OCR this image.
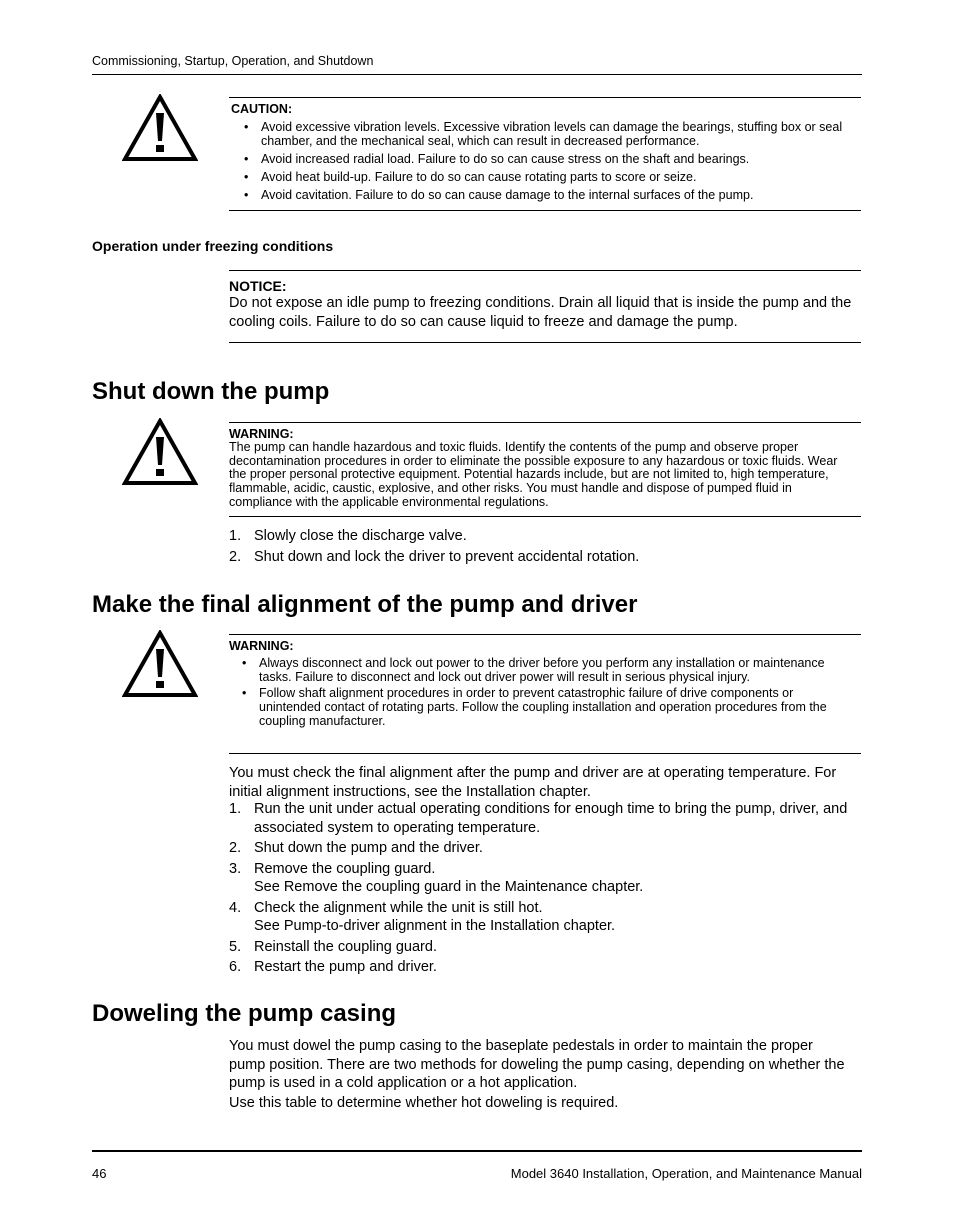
Commissioning, Startup, Operation, and Shutdown
CAUTION:
• Avoid excessive vibration levels. Excessive vibration levels can damage the bearings, stuffing box or seal chamber, and the mechanical seal, which can result in decreased performance.
• Avoid increased radial load. Failure to do so can cause stress on the shaft and bearings.
• Avoid heat build-up. Failure to do so can cause rotating parts to score or seize.
• Avoid cavitation. Failure to do so can cause damage to the internal surfaces of the pump.
Operation under freezing conditions
NOTICE:
Do not expose an idle pump to freezing conditions. Drain all liquid that is inside the pump and the cooling coils. Failure to do so can cause liquid to freeze and damage the pump.
Shut down the pump
WARNING:
The pump can handle hazardous and toxic fluids. Identify the contents of the pump and observe proper decontamination procedures in order to eliminate the possible exposure to any hazardous or toxic fluids. Wear the proper personal protective equipment. Potential hazards include, but are not limited to, high temperature, flammable, acidic, caustic, explosive, and other risks. You must handle and dispose of pumped fluid in compliance with the applicable environmental regulations.
1. Slowly close the discharge valve.
2. Shut down and lock the driver to prevent accidental rotation.
Make the final alignment of the pump and driver
WARNING:
• Always disconnect and lock out power to the driver before you perform any installation or maintenance tasks. Failure to disconnect and lock out driver power will result in serious physical injury.
• Follow shaft alignment procedures in order to prevent catastrophic failure of drive components or unintended contact of rotating parts. Follow the coupling installation and operation procedures from the coupling manufacturer.
You must check the final alignment after the pump and driver are at operating temperature. For initial alignment instructions, see the Installation chapter.
1. Run the unit under actual operating conditions for enough time to bring the pump, driver, and associated system to operating temperature.
2. Shut down the pump and the driver.
3. Remove the coupling guard.
See Remove the coupling guard in the Maintenance chapter.
4. Check the alignment while the unit is still hot.
See Pump-to-driver alignment in the Installation chapter.
5. Reinstall the coupling guard.
6. Restart the pump and driver.
Doweling the pump casing
You must dowel the pump casing to the baseplate pedestals in order to maintain the proper pump position. There are two methods for doweling the pump casing, depending on whether the pump is used in a cold application or a hot application.
Use this table to determine whether hot doweling is required.
46	Model 3640 Installation, Operation, and Maintenance Manual
